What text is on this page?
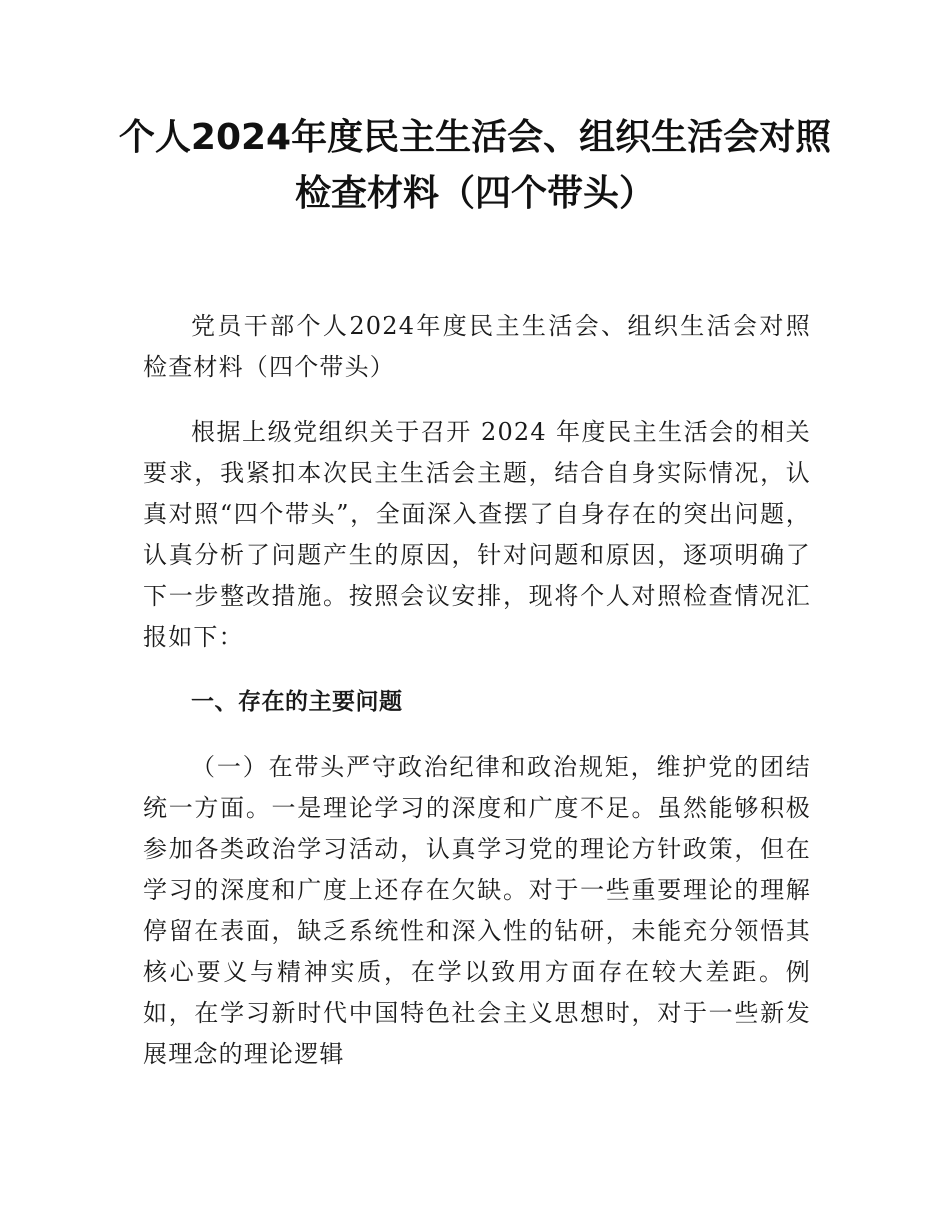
个人2024年度民主生活会、组织生活会对照
检查材料（四个带头）

党员干部个人2024年度民主生活会、组织生活会对照检查材料（四个带头）

根据上级党组织关于召开 2024 年度民主生活会的相关要求，我紧扣本次民主生活会主题，结合自身实际情况，认真对照“四个带头”，全面深入查摆了自身存在的突出问题，认真分析了问题产生的原因，针对问题和原因，逐项明确了下一步整改措施。按照会议安排，现将个人对照检查情况汇报如下：

一、存在的主要问题

（一）在带头严守政治纪律和政治规矩，维护党的团结统一方面。一是理论学习的深度和广度不足。虽然能够积极参加各类政治学习活动，认真学习党的理论方针政策，但在学习的深度和广度上还存在欠缺。对于一些重要理论的理解停留在表面，缺乏系统性和深入性的钻研，未能充分领悟其核心要义与精神实质，在学以致用方面存在较大差距。例如，在学习新时代中国特色社会主义思想时，对于一些新发展理念的理论逻辑
